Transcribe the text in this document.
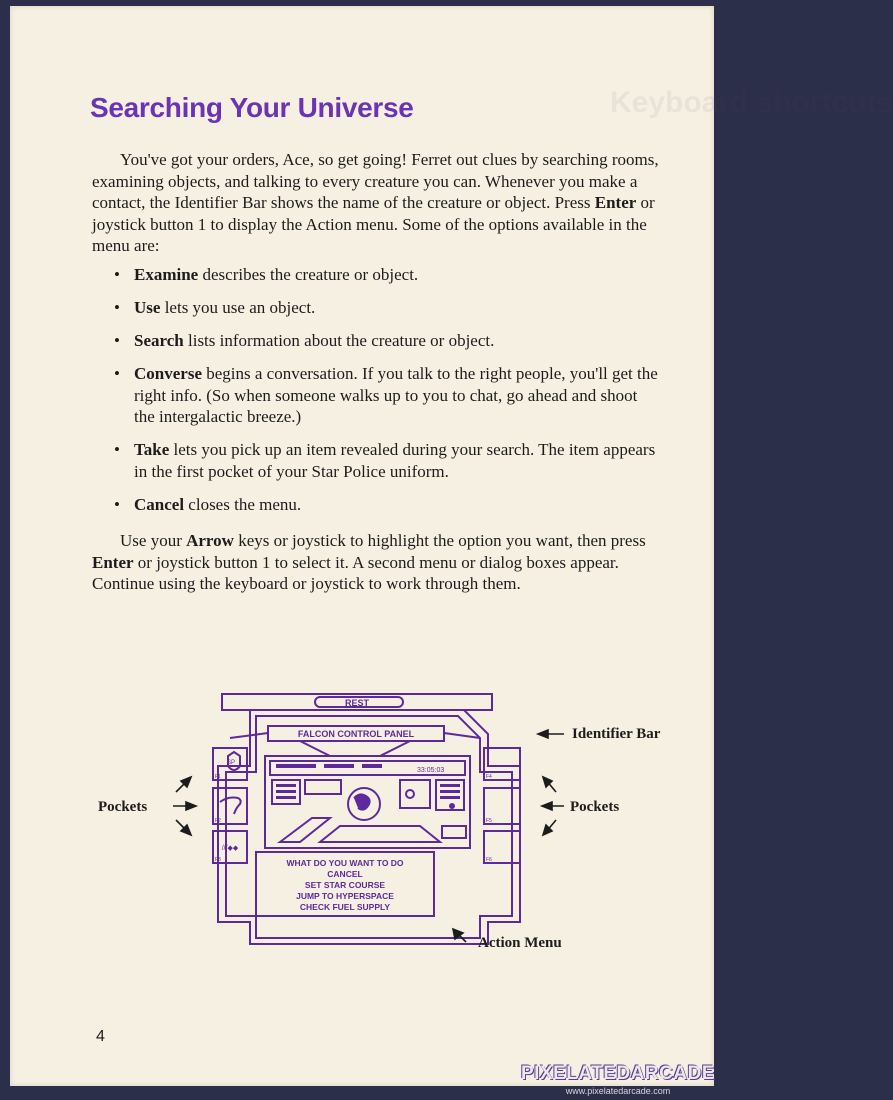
Keyboard shortcuts
Searching Your Universe

You've got your orders, Ace, so get going! Ferret out clues by searching rooms, examining objects, and talking to every creature you can. Whenever you make a contact, the Identifier Bar shows the name of the creature or object. Press Enter or joystick button 1 to display the Action menu. Some of the options available in the menu are:

• Examine describes the creature or object.
• Use lets you use an object.
• Search lists information about the creature or object.
• Converse begins a conversation. If you talk to the right people, you'll get the right info. (So when someone walks up to you to chat, go ahead and shoot the intergalactic breeze.)
• Take lets you pick up an item revealed during your search. The item appears in the first pocket of your Star Police uniform.
• Cancel closes the menu.

Use your Arrow keys or joystick to highlight the option you want, then press Enter or joystick button 1 to select it. A second menu or dialog boxes appear. Continue using the keyboard or joystick to work through them.

REST
FALCON CONTROL PANEL
33:05:03
SP
///◆◆
F1
F2
F3
F4
F5
F6
WHAT DO YOU WANT TO DO
CANCEL
SET STAR COURSE
JUMP TO HYPERSPACE
CHECK FUEL SUPPLY
Identifier Bar
Pockets	Pockets
Action Menu
4
PIXELATEDARCADE
www.pixelatedarcade.com
